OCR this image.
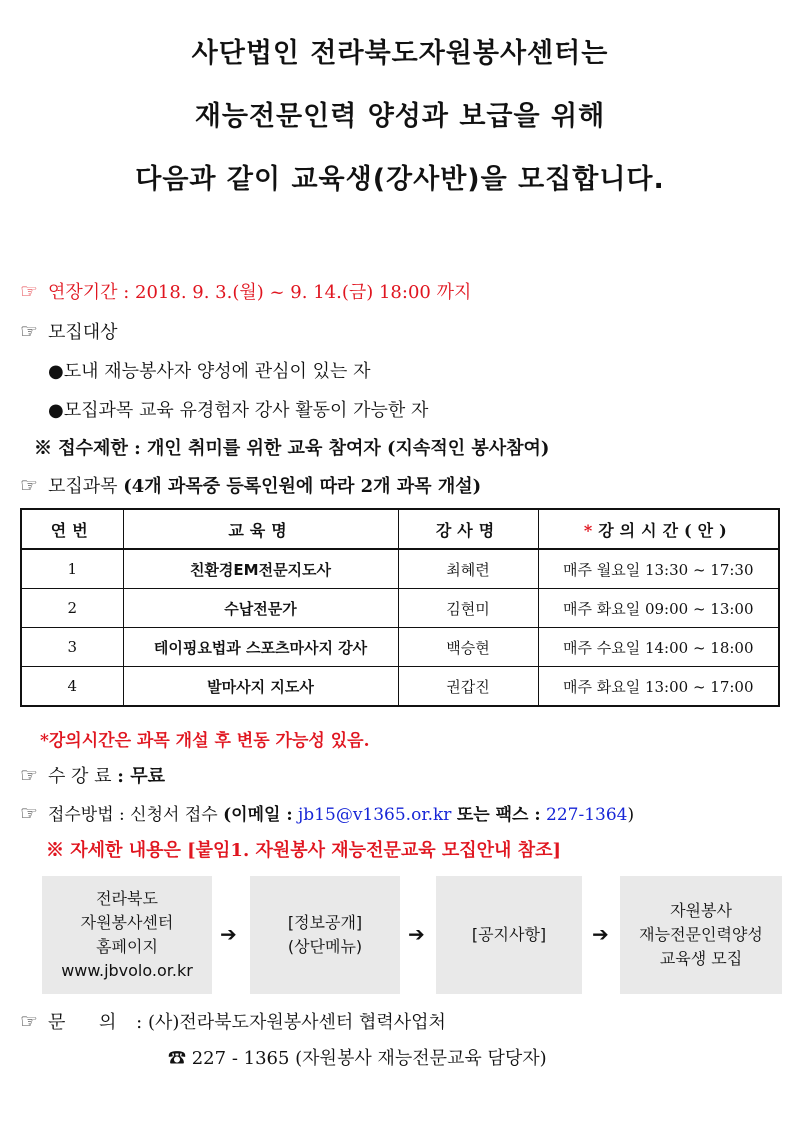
사단법인 전라북도자원봉사센터는
재능전문인력 양성과 보급을 위해
다음과 같이 교육생(강사반)을 모집합니다.
☞ 연장기간 : 2018. 9. 3.(월) ~ 9. 14.(금) 18:00 까지
☞ 모집대상
●도내 재능봉사자 양성에 관심이 있는 자
●모집과목 교육 유경험자 강사 활동이 가능한 자
※ 접수제한 : 개인 취미를 위한 교육 참여자 (지속적인 봉사참여)
☞ 모집과목 (4개 과목중 등록인원에 따라 2개 과목 개설)
연번	교육명	강사명	*강의시간(안)
1	친환경EM전문지도사	최혜련	매주 월요일 13:30 ~ 17:30
2	수납전문가	김현미	매주 화요일 09:00 ~ 13:00
3	테이핑요법과 스포츠마사지 강사	백승현	매주 수요일 14:00 ~ 18:00
4	발마사지 지도사	권갑진	매주 화요일 13:00 ~ 17:00
*강의시간은 과목 개설 후 변동 가능성 있음.
☞ 수 강 료 : 무료
☞ 접수방법 : 신청서 접수 (이메일 : jb15@v1365.or.kr 또는 팩스 : 227-1364)
※ 자세한 내용은 [붙임1. 자원봉사 재능전문교육 모집안내 참조]
전라북도
자원봉사센터
홈페이지
www.jbvolo.or.kr
➔	[정보공개]
(상단메뉴)
➔	[공지사항] ➔
자원봉사
재능전문인력양성
교육생 모집
☞ 문 의 : (사)전라북도자원봉사센터 협력사업처
☎ 227 - 1365 (자원봉사 재능전문교육 담당자)
